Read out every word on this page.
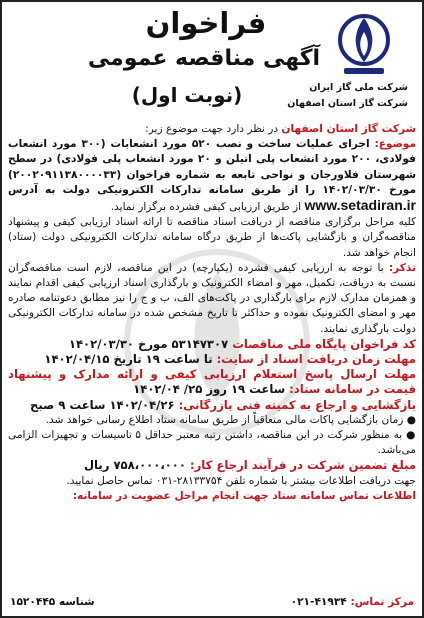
فراخوان
آگهی مناقصه عمومی
(نوبت اول)	شرکت ملی گاز ایران
شرکت گاز استان اصفهان

شرکت گاز استان اصفهان در نظر دارد جهت موضوع زیر:

موضوع: اجرای عملیات ساخت و نصب ۵۲۰ مورد انشعابات (۳۰۰ مورد انشعاب فولادی، ۲۰۰ مورد انشعاب پلی اتیلن و ۲۰ مورد انشعاب پلی فولادی) در سطح شهرستان فلاورجان و نواحی تابعه به شماره فراخوان (۲۰۰۲۰۹۱۱۳۸۰۰۰۰۳۳) مورخ ۱۴۰۲/۰۳/۳۰ را از طریق سامانه تدارکات الکترونیکی دولت به آدرس www.setadiran.ir از طریق ارزیابی کیفی فشرده برگزار نماید.

کلیه مراحل برگزاری مناقصه از دریافت اسناد مناقصه تا ارائه اسناد ارزیابی کیفی و پیشنهاد مناقصه‌گران و بازگشایی پاکت‌ها از طریق درگاه سامانه تدارکات الکترونیکی دولت (ستاد) انجام خواهد شد.

تذکر: با توجه به ارزیابی کیفی فشرده (یکپارچه) در این مناقصه، لازم است مناقصه‌گران نسبت به دریافت، تکمیل، مهر و امضاء الکترونیک و بارگذاری اسناد ارزیابی کیفی اقدام نمایند و همزمان مدارک لازم برای بارگذاری در پاکت‌های الف، ب و ج را نیز مطابق دعوتنامه صادره مهر و امضای الکترونیک نموده و حداکثر تا تاریخ مشخص شده در سامانه تدارکات الکترونیکی دولت بارگذاری نمایند.

کد فراخوان پایگاه ملی مناقصات ۵۳۱۴۷۳۰۷ مورخ ۱۴۰۲/۰۳/۳۰

مهلت زمان دریافت اسناد از سایت: تا ساعت ۱۹ تاریخ ۱۴۰۲/۰۴/۱۵

مهلت ارسال پاسخ استعلام ارزیابی کیفی و ارائه مدارک و پیشنهاد قیمت در سامانه ستاد: ساعت ۱۹ روز ۲۵/ ۱۴۰۲/۰۴

بازگشایی و ارجاع به کمیته فنی بازرگانی: ۱۴۰۲/۰۴/۲۶ ساعت ۹ صبح

● زمان بازگشایی پاکات مالی متعاقباً از طریق سامانه ستاد اطلاع رسانی خواهد شد.

● به منظور شرکت در این مناقصه، داشتن رتبه معتبر حداقل ۵ تاسیسات و تجهیزات الزامی می‌باشد.

مبلغ تضمین شرکت در فرآیند ارجاع کار: ۷۵۸،۰۰۰،۰۰۰ ریال

جهت دریافت اطلاعات بیشتر با شماره تلفن ۲۸۱۳۳۷۵۴-۰۳۱ تماس حاصل نمایید.

اطلاعات تماس سامانه ستاد جهت انجام مراحل عضویت در سامانه:

مرکز تماس: ۴۱۹۳۴-۰۲۱
شناسه ۱۵۲۰۴۴۵
